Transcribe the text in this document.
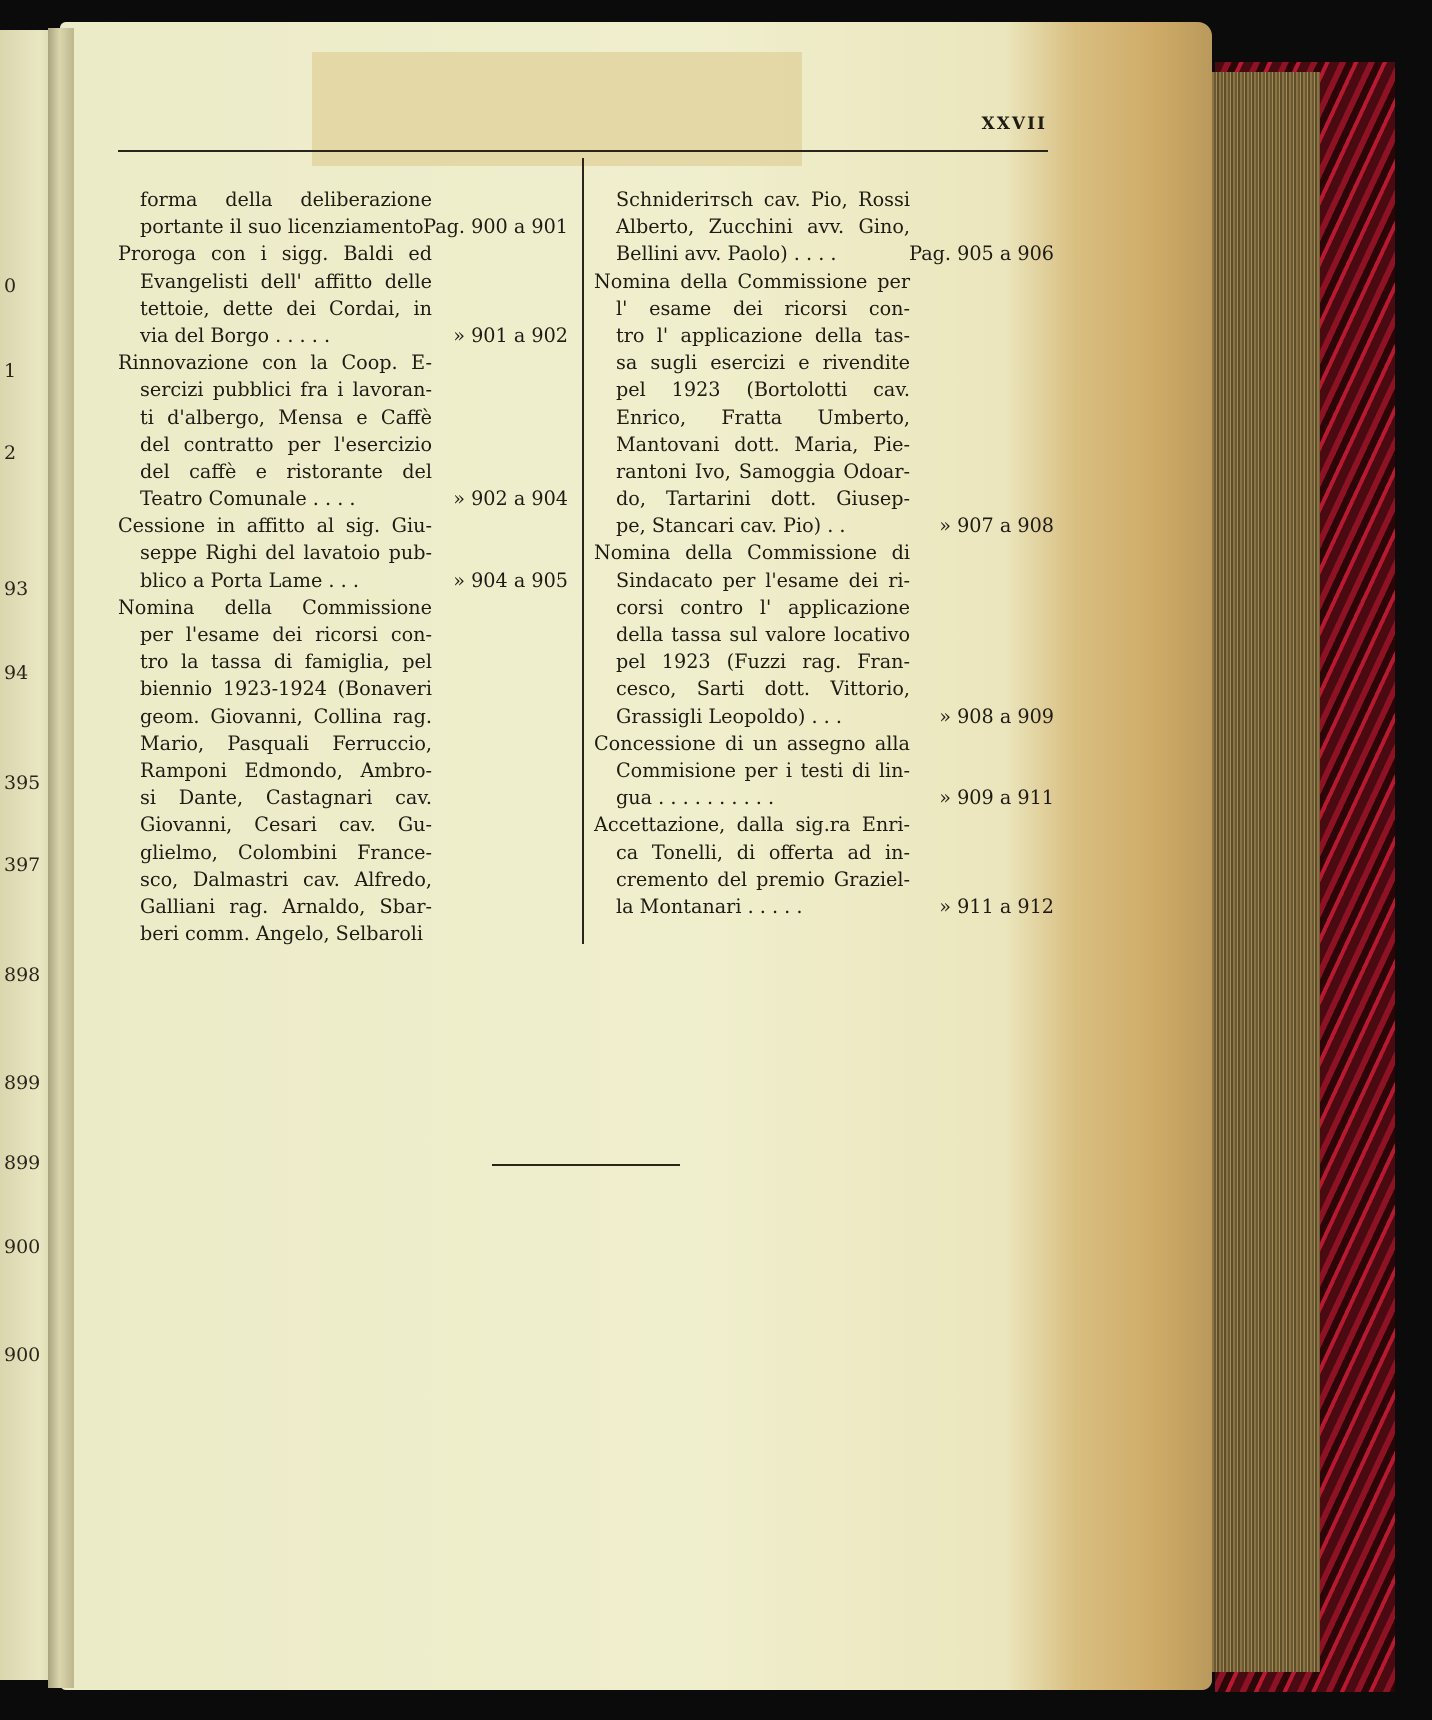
0
1
2
93
94
395
397
898
899
899
900
900
XXVII
forma della deliberazione
portante il suo licenziamento Pag. 900 a 901
Proroga con i sigg. Baldi ed
Evangelisti dell' affitto delle
tettoie, dette dei Cordai, in
via del Borgo . . . . .	» 901 a 902
Rinnovazione con la Coop. E-
sercizi pubblici fra i lavoran-
ti d'albergo, Mensa e Caffè
del contratto per l'esercizio
del caffè e ristorante del
Teatro Comunale . . . .	» 902 a 904
Cessione in affitto al sig. Giu-
seppe Righi del lavatoio pub-
blico a Porta Lame . . .	» 904 a 905
Nomina della Commissione
per l'esame dei ricorsi con-
tro la tassa di famiglia, pel
biennio 1923-1924 (Bonaveri
geom. Giovanni, Collina rag.
Mario, Pasquali Ferruccio,
Ramponi Edmondo, Ambro-
si Dante, Castagnari cav.
Giovanni, Cesari cav. Gu-
glielmo, Colombini France-
sco, Dalmastri cav. Alfredo,
Galliani rag. Arnaldo, Sbar-
beri comm. Angelo, Selbaroli
Schniderітsch cav. Pio, Rossi
Alberto, Zucchini avv. Gino,
Bellini avv. Paolo) . . . .	Pag. 905 a 906
Nomina della Commissione per
l' esame dei ricorsi con-
tro l' applicazione della tas-
sa sugli esercizi e rivendite
pel 1923 (Bortolotti cav.
Enrico, Fratta Umberto,
Mantovani dott. Maria, Pie-
rantoni Ivo, Samoggia Odoar-
do, Tartarini dott. Giusep-
pe, Stancari cav. Pio) . .	» 907 a 908
Nomina della Commissione di
Sindacato per l'esame dei ri-
corsi contro l' applicazione
della tassa sul valore locativo
pel 1923 (Fuzzi rag. Fran-
cesco, Sarti dott. Vittorio,
Grassigli Leopoldo) . . .	» 908 a 909
Concessione di un assegno alla
Commisione per i testi di lin-
gua . . . . . . . . . .	» 909 a 911
Accettazione, dalla sig.ra Enri-
ca Tonelli, di offerta ad in-
cremento del premio Graziel-
la Montanari . . . . .	» 911 a 912
